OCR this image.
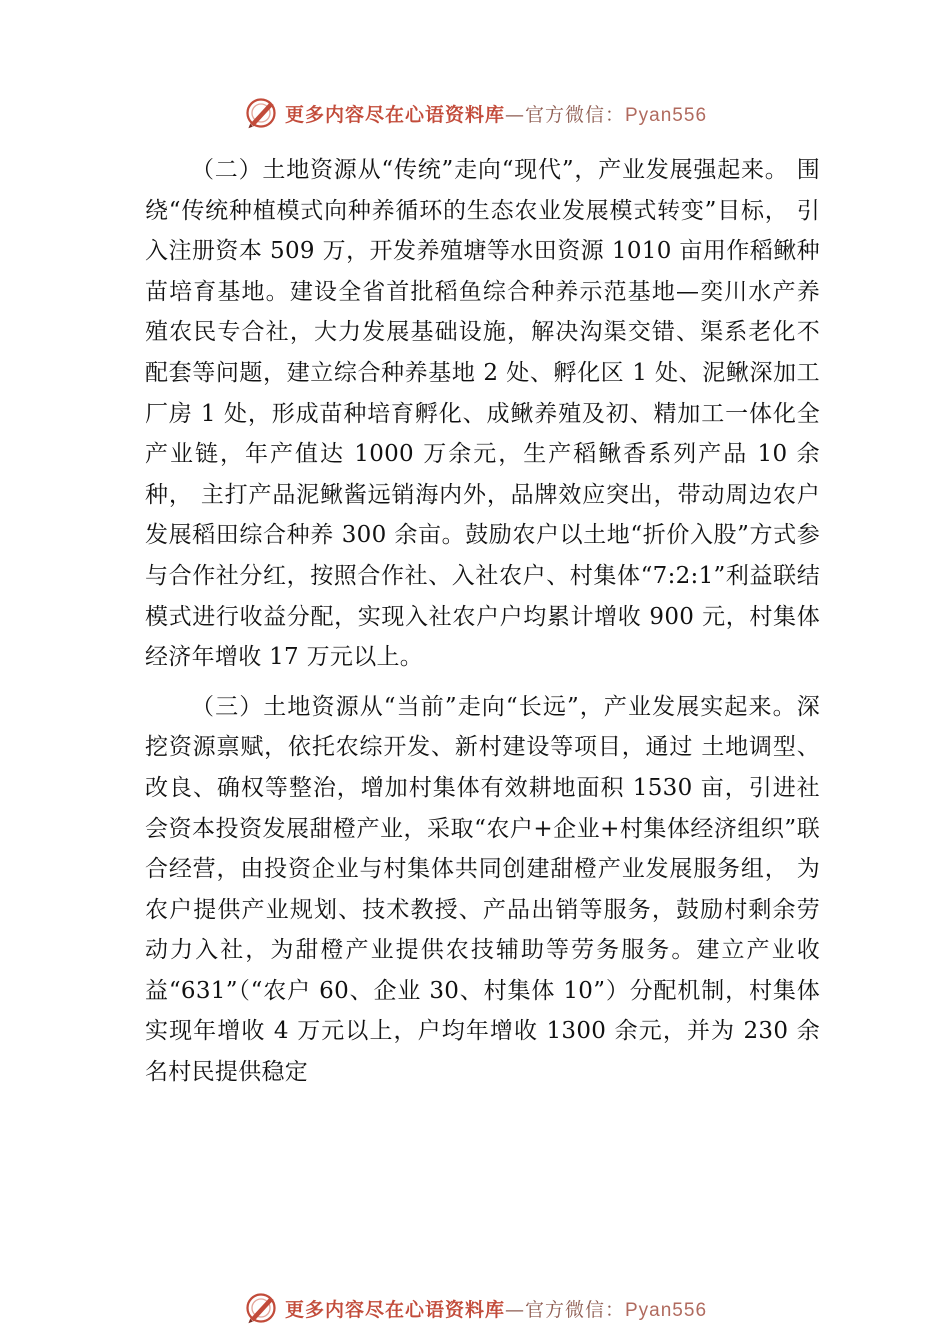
更多内容尽在心语资料库—官方微信：Pyan556

（二）土地资源从“传统”走向“现代”，产业发展强起来。 围绕“传统种植模式向种养循环的生态农业发展模式转变”目标， 引入注册资本 509 万，开发养殖塘等水田资源 1010 亩用作稻鳅种苗培育基地。建设全省首批稻鱼综合种养示范基地—奕川水产养殖农民专合社，大力发展基础设施，解决沟渠交错、渠系老化不配套等问题，建立综合种养基地 2 处、孵化区 1 处、泥鳅深加工厂房 1 处，形成苗种培育孵化、成鳅养殖及初、精加工一体化全产业链，年产值达 1000 万余元，生产稻鳅香系列产品 10 余种， 主打产品泥鳅酱远销海内外，品牌效应突出，带动周边农户发展稻田综合种养 300 余亩。鼓励农户以土地“折价入股”方式参与合作社分红，按照合作社、入社农户、村集体“7:2:1”利益联结模式进行收益分配，实现入社农户户均累计增收 900 元，村集体经济年增收 17 万元以上。

（三）土地资源从“当前”走向“长远”，产业发展实起来。深挖资源禀赋，依托农综开发、新村建设等项目，通过 土地调型、 改良、确权等整治，增加村集体有效耕地面积 1530 亩，引进社会资本投资发展甜橙产业，采取“农户+企业+村集体经济组织”联合经营，由投资企业与村集体共同创建甜橙产业发展服务组， 为农户提供产业规划、技术教授、产品出销等服务，鼓励村剩余劳动力入社，为甜橙产业提供农技辅助等劳务服务。建立产业收益“631”（“农户 60、企业 30、村集体 10”）分配机制，村集体实现年增收 4 万元以上，户均年增收 1300 余元，并为 230 余名村民提供稳定

更多内容尽在心语资料库—官方微信：Pyan556
